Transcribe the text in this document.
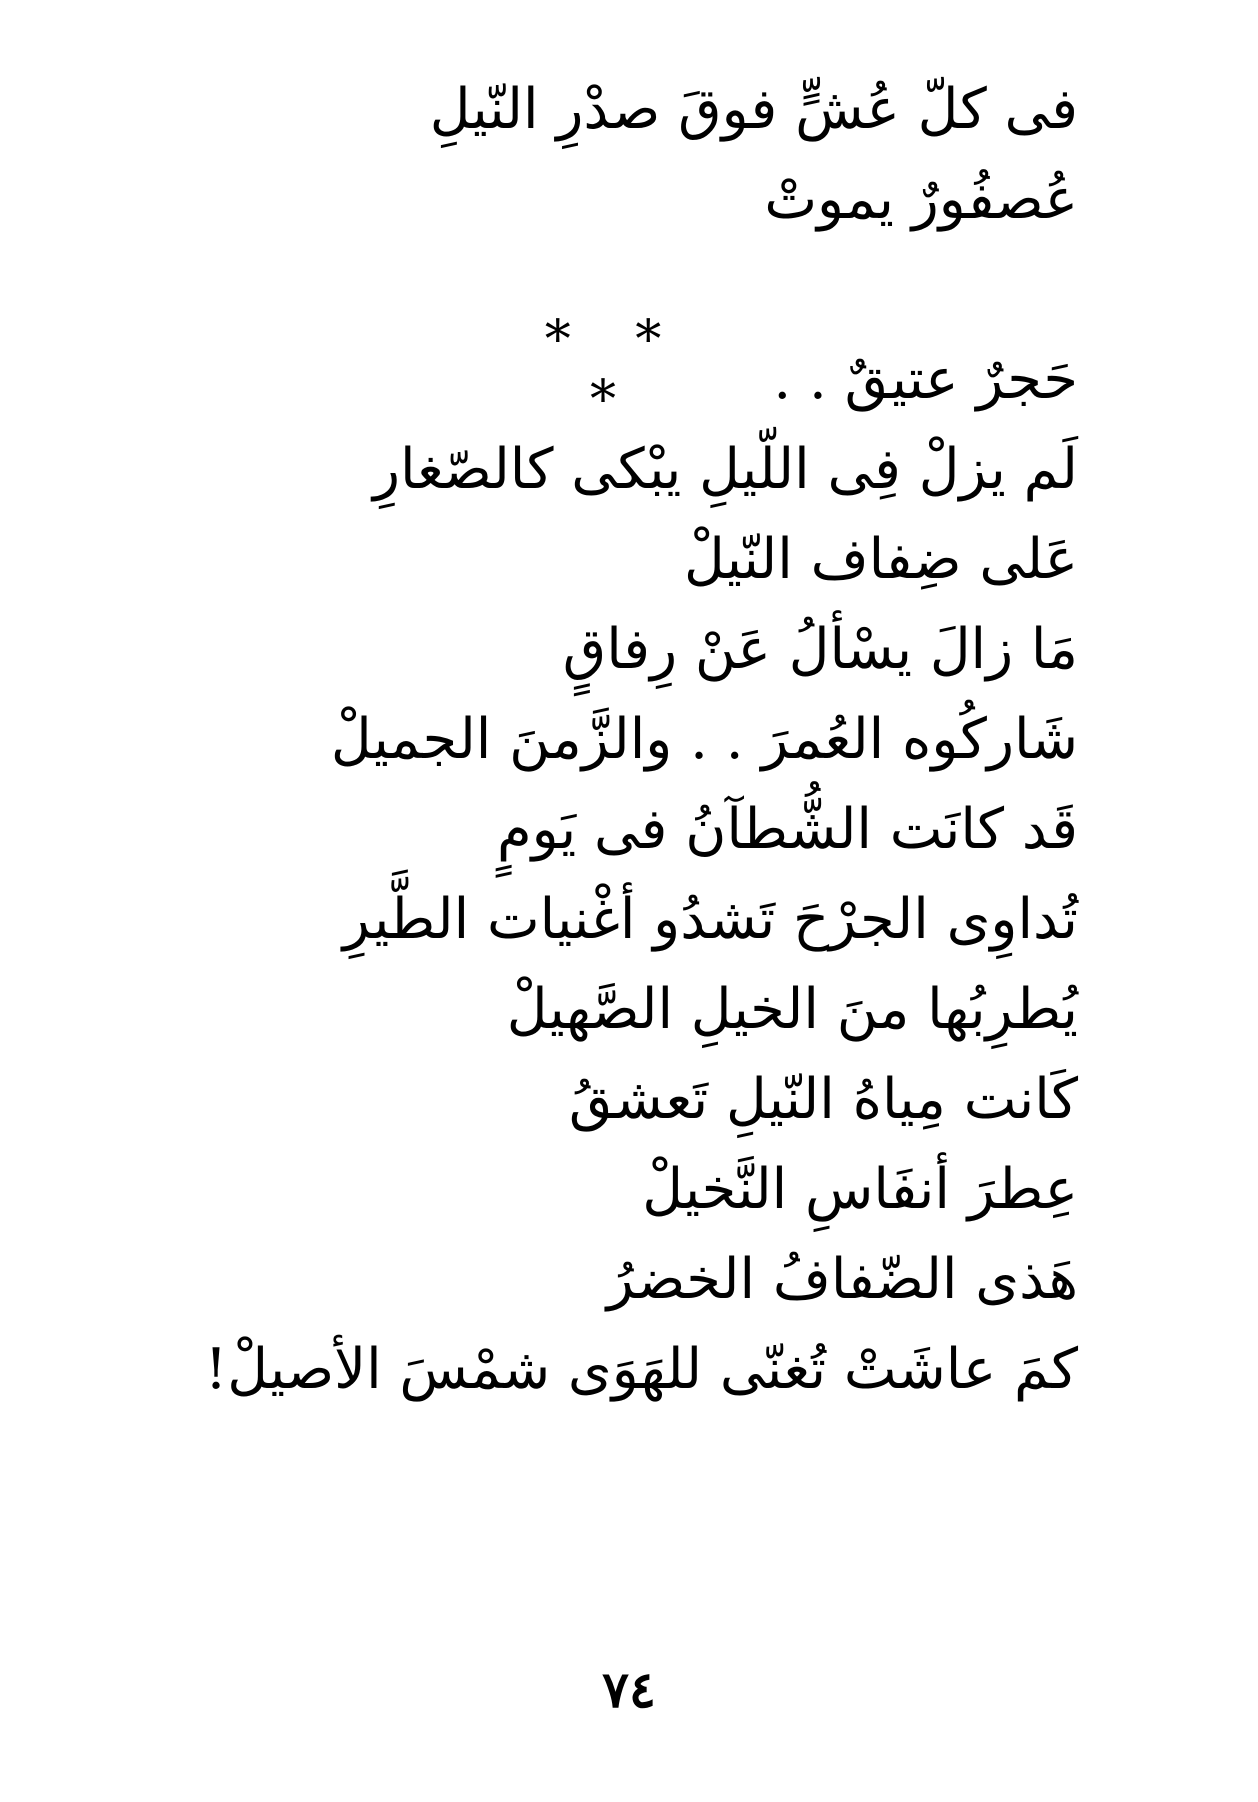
فى كلّ عُشٍّ فوقَ صدْرِ النّيلِ
عُصفُورٌ يموتْ
* * *	حَجرٌ عتيقٌ . .
لَم يزلْ فِى اللّيلِ يبْكى كالصّغارِ
عَلى ضِفاف النّيلْ
مَا زالَ يسْألُ عَنْ رِفاقٍ
شَاركُوه العُمرَ . . والزَّمنَ الجميلْ
قَد كانَت الشُّطآنُ فى يَومٍ
تُداوِى الجرْحَ تَشدُو أغْنيات الطَّيرِ
يُطرِبُها منَ الخيلِ الصَّهيلْ
كَانت مِياهُ النّيلِ تَعشقُ
عِطرَ أنفَاسِ النَّخيلْ
هَذى الضّفافُ الخضرُ
كمَ عاشَتْ تُغنّى للهَوَى شمْسَ الأصيلْ!
٧٤
